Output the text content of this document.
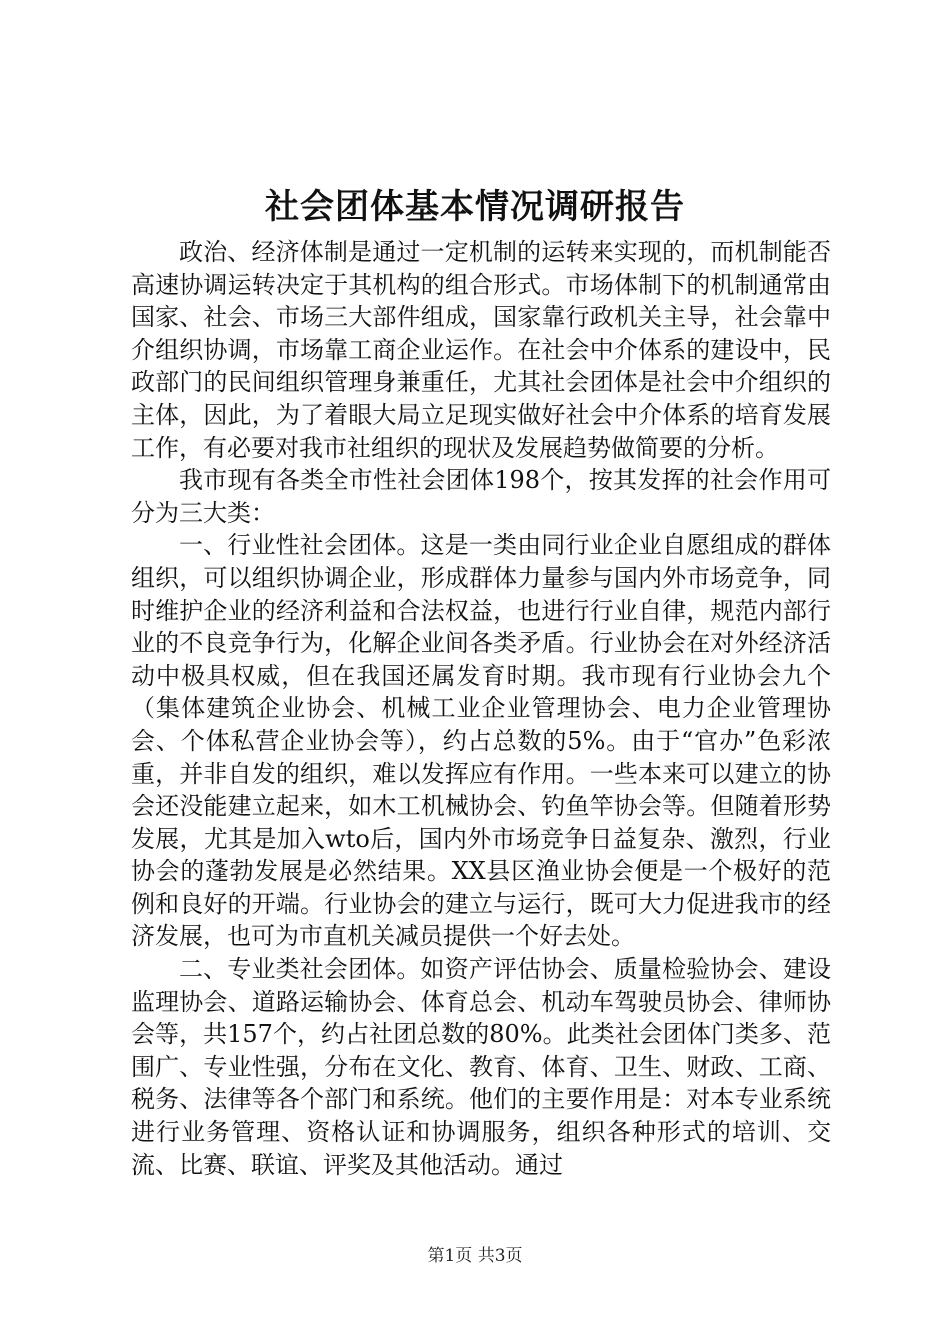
社会团体基本情况调研报告

政治、经济体制是通过一定机制的运转来实现的，而机制能否高速协调运转决定于其机构的组合形式。市场体制下的机制通常由国家、社会、市场三大部件组成，国家靠行政机关主导，社会靠中介组织协调，市场靠工商企业运作。在社会中介体系的建设中，民政部门的民间组织管理身兼重任，尤其社会团体是社会中介组织的主体，因此，为了着眼大局立足现实做好社会中介体系的培育发展工作，有必要对我市社组织的现状及发展趋势做简要的分析。

我市现有各类全市性社会团体198个，按其发挥的社会作用可分为三大类：

一、行业性社会团体。这是一类由同行业企业自愿组成的群体组织，可以组织协调企业，形成群体力量参与国内外市场竞争，同时维护企业的经济利益和合法权益，也进行行业自律，规范内部行业的不良竞争行为，化解企业间各类矛盾。行业协会在对外经济活动中极具权威，但在我国还属发育时期。我市现有行业协会九个（集体建筑企业协会、机械工业企业管理协会、电力企业管理协会、个体私营企业协会等），约占总数的5%。由于“官办”色彩浓重，并非自发的组织，难以发挥应有作用。一些本来可以建立的协会还没能建立起来，如木工机械协会、钓鱼竿协会等。但随着形势发展，尤其是加入wto后，国内外市场竞争日益复杂、激烈，行业协会的蓬勃发展是必然结果。XX县区渔业协会便是一个极好的范例和良好的开端。行业协会的建立与运行，既可大力促进我市的经济发展，也可为市直机关减员提供一个好去处。

二、专业类社会团体。如资产评估协会、质量检验协会、建设监理协会、道路运输协会、体育总会、机动车驾驶员协会、律师协会等，共157个，约占社团总数的80%。此类社会团体门类多、范围广、专业性强，分布在文化、教育、体育、卫生、财政、工商、税务、法律等各个部门和系统。他们的主要作用是：对本专业系统进行业务管理、资格认证和协调服务，组织各种形式的培训、交流、比赛、联谊、评奖及其他活动。通过

第1页 共3页
